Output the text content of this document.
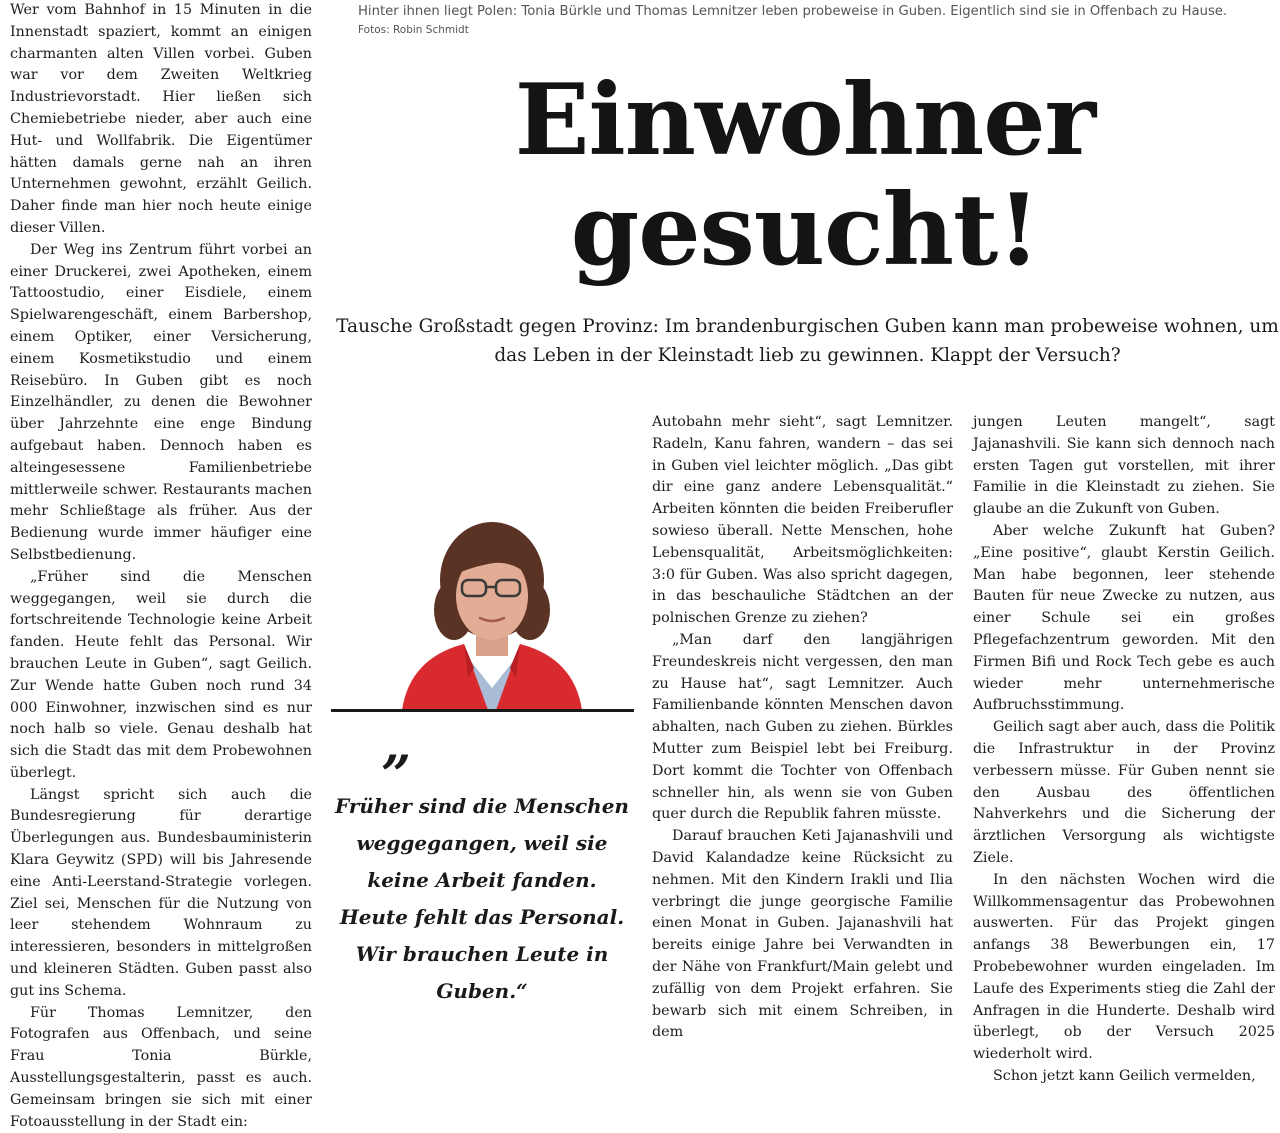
Wer vom Bahnhof in 15 Minuten in die Innenstadt spaziert, kommt an einigen charmanten alten Villen vorbei. Guben war vor dem Zweiten Weltkrieg Industrievorstadt. Hier ließen sich Chemiebetriebe nieder, aber auch eine Hut- und Wollfabrik. Die Eigentümer hätten damals gerne nah an ihren Unternehmen gewohnt, erzählt Geilich. Daher finde man hier noch heute einige dieser Villen.

Der Weg ins Zentrum führt vorbei an einer Druckerei, zwei Apotheken, einem Tattoostudio, einer Eisdiele, einem Spielwarengeschäft, einem Barbershop, einem Optiker, einer Versicherung, einem Kosmetikstudio und einem Reisebüro. In Guben gibt es noch Einzelhändler, zu denen die Bewohner über Jahrzehnte eine enge Bindung aufgebaut haben. Dennoch haben es alteingesessene Familienbetriebe mittlerweile schwer. Restaurants machen mehr Schließtage als früher. Aus der Bedienung wurde immer häufiger eine Selbstbedienung.

„Früher sind die Menschen weggegangen, weil sie durch die fortschreitende Technologie keine Arbeit fanden. Heute fehlt das Personal. Wir brauchen Leute in Guben“, sagt Geilich. Zur Wende hatte Guben noch rund 34 000 Einwohner, inzwischen sind es nur noch halb so viele. Genau deshalb hat sich die Stadt das mit dem Probewohnen überlegt.

Längst spricht sich auch die Bundesregierung für derartige Überlegungen aus. Bundesbauministerin Klara Geywitz (SPD) will bis Jahresende eine Anti-Leerstand-Strategie vorlegen. Ziel sei, Menschen für die Nutzung von leer stehendem Wohnraum zu interessieren, besonders in mittelgroßen und kleineren Städten. Guben passt also gut ins Schema.

Für Thomas Lemnitzer, den Fotografen aus Offenbach, und seine Frau Tonia Bürkle, Ausstellungsgestalterin, passt es auch. Gemeinsam bringen sie sich mit einer Fotoausstellung in der Stadt ein:

Hinter ihnen liegt Polen: Tonia Bürkle und Thomas Lemnitzer leben probeweise in Guben. Eigentlich sind sie in Offenbach zu Hause.
Fotos: Robin Schmidt
Einwohner
gesucht!
Tausche Großstadt gegen Provinz: Im brandenburgischen Guben kann man probeweise wohnen, um das Leben in der Kleinstadt lieb zu gewinnen. Klappt der Versuch?
”
Früher sind die Menschen weggegangen, weil sie keine Arbeit fanden. Heute fehlt das Personal. Wir brauchen Leute in Guben.“

Autobahn mehr sieht“, sagt Lemnitzer. Radeln, Kanu fahren, wandern – das sei in Guben viel leichter möglich. „Das gibt dir eine ganz andere Lebensqualität.“ Arbeiten könnten die beiden Freiberufler sowieso überall. Nette Menschen, hohe Lebensqualität, Arbeitsmöglichkeiten: 3:0 für Guben. Was also spricht dagegen, in das beschauliche Städtchen an der polnischen Grenze zu ziehen?

„Man darf den langjährigen Freundeskreis nicht vergessen, den man zu Hause hat“, sagt Lemnitzer. Auch Familienbande könnten Menschen davon abhalten, nach Guben zu ziehen. Bürkles Mutter zum Beispiel lebt bei Freiburg. Dort kommt die Tochter von Offenbach schneller hin, als wenn sie von Guben quer durch die Republik fahren müsste.

Darauf brauchen Keti Jajanashvili und David Kalandadze keine Rücksicht zu nehmen. Mit den Kindern Irakli und Ilia verbringt die junge georgische Familie einen Monat in Guben. Jajanashvili hat bereits einige Jahre bei Verwandten in der Nähe von Frankfurt/Main gelebt und zufällig von dem Projekt erfahren. Sie bewarb sich mit einem Schreiben, in dem

jungen Leuten mangelt“, sagt Jajanashvili. Sie kann sich dennoch nach ersten Tagen gut vorstellen, mit ihrer Familie in die Kleinstadt zu ziehen. Sie glaube an die Zukunft von Guben.

Aber welche Zukunft hat Guben? „Eine positive“, glaubt Kerstin Geilich. Man habe begonnen, leer stehende Bauten für neue Zwecke zu nutzen, aus einer Schule sei ein großes Pflegefachzentrum geworden. Mit den Firmen Bifi und Rock Tech gebe es auch wieder mehr unternehmerische Aufbruchsstimmung.

Geilich sagt aber auch, dass die Politik die Infrastruktur in der Provinz verbessern müsse. Für Guben nennt sie den Ausbau des öffentlichen Nahverkehrs und die Sicherung der ärztlichen Versorgung als wichtigste Ziele.

In den nächsten Wochen wird die Willkommensagentur das Probewohnen auswerten. Für das Projekt gingen anfangs 38 Bewerbungen ein, 17 Probebewohner wurden eingeladen. Im Laufe des Experiments stieg die Zahl der Anfragen in die Hunderte. Deshalb wird überlegt, ob der Versuch 2025 wiederholt wird.

Schon jetzt kann Geilich vermelden,
